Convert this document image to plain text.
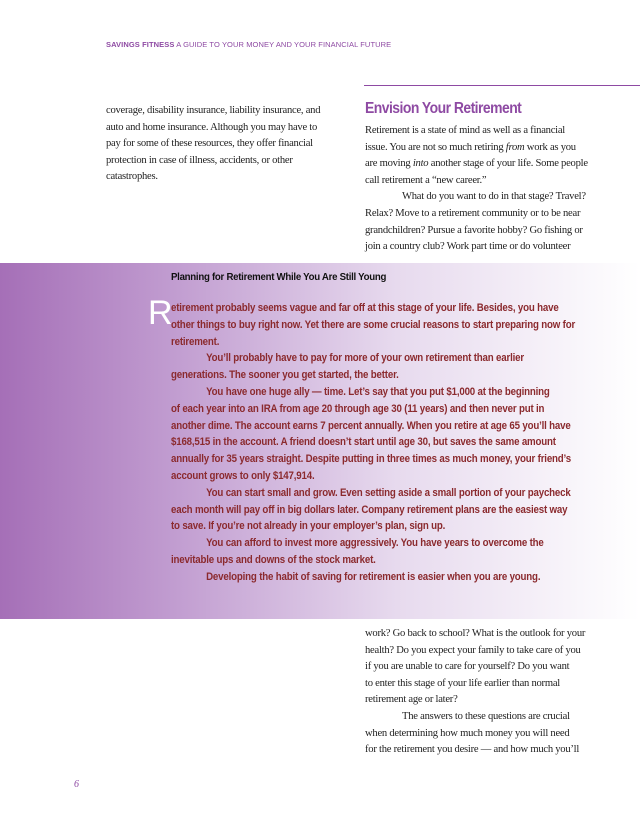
SAVINGS FITNESS A GUIDE TO YOUR MONEY AND YOUR FINANCIAL FUTURE

coverage, disability insurance, liability insurance, and

auto and home insurance. Although you may have to

pay for some of these resources, they offer financial

protection in case of illness, accidents, or other

catastrophes.

Envision Your Retirement

Retirement is a state of mind as well as a financial

issue. You are not so much retiring from work as you

are moving into another stage of your life. Some people

call retirement a “new career.”

What do you want to do in that stage? Travel?

Relax? Move to a retirement community or to be near

grandchildren? Pursue a favorite hobby? Go fishing or

join a country club? Work part time or do volunteer

Planning for Retirement While You Are Still Young
R

etirement probably seems vague and far off at this stage of your life. Besides, you have

other things to buy right now. Yet there are some crucial reasons to start preparing now for

retirement.

You’ll probably have to pay for more of your own retirement than earlier

generations. The sooner you get started, the better.

You have one huge ally — time. Let’s say that you put $1,000 at the beginning

of each year into an IRA from age 20 through age 30 (11 years) and then never put in

another dime. The account earns 7 percent annually. When you retire at age 65 you’ll have

$168,515 in the account. A friend doesn’t start until age 30, but saves the same amount

annually for 35 years straight. Despite putting in three times as much money, your friend’s

account grows to only $147,914.

You can start small and grow. Even setting aside a small portion of your paycheck

each month will pay off in big dollars later. Company retirement plans are the easiest way

to save. If you’re not already in your employer’s plan, sign up.

You can afford to invest more aggressively. You have years to overcome the

inevitable ups and downs of the stock market.

Developing the habit of saving for retirement is easier when you are young.

work? Go back to school? What is the outlook for your

health? Do you expect your family to take care of you

if you are unable to care for yourself? Do you want

to enter this stage of your life earlier than normal

retirement age or later?

The answers to these questions are crucial

when determining how much money you will need

for the retirement you desire — and how much you’ll

6
